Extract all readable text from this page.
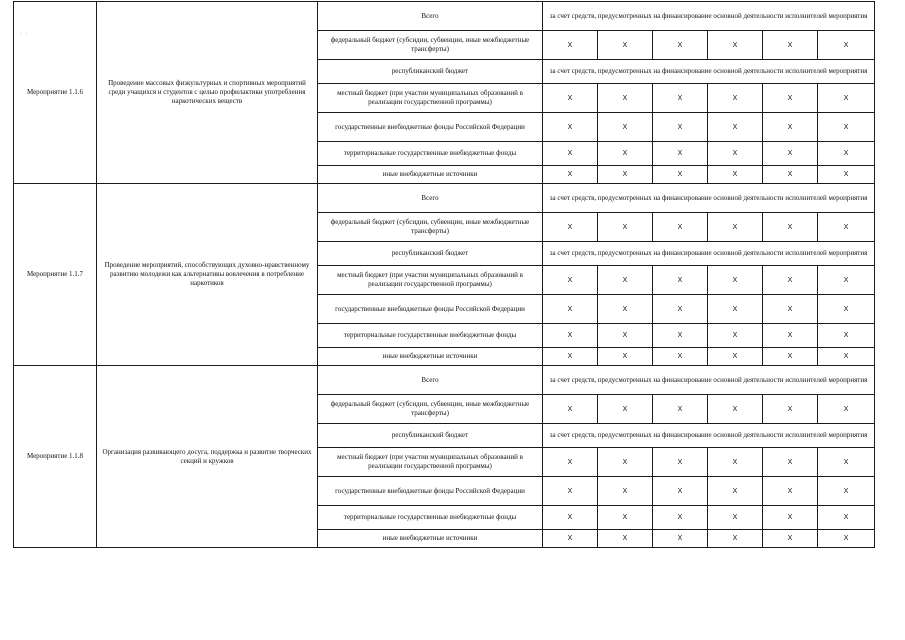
· ·
Мероприятие 1.1.6	Проведение массовых физкультурных и спортивных мероприятий среди учащихся и студентов с целью профилактики употребления наркотических веществ	Всего	за счет средств, предусмотренных на финансирование основной деятельности исполнителей мероприятия					
		федеральный бюджет (субсидии, субвенции, иные межбюджетные трансферты)	X	X	X	X	X	X
		республиканский бюджет	за счет средств, предусмотренных на финансирование основной деятельности исполнителей мероприятия					
		местный бюджет (при участии муниципальных образований в реализации государственной программы)	X	X	X	X	X	X
		государственные внебюджетные фонды Российской Федерации	X	X	X	X	X	X
		территориальные государственные внебюджетные фонды	X	X	X	X	X	X
		иные внебюджетные источники	X	X	X	X	X	X
Мероприятие 1.1.7	Проведение мероприятий, способствующих духовно-нравственному развитию молодежи как альтернативы вовлечения в потребление наркотиков	Всего	за счет средств, предусмотренных на финансирование основной деятельности исполнителей мероприятия					
		федеральный бюджет (субсидии, субвенции, иные межбюджетные трансферты)	X	X	X	X	X	X
		республиканский бюджет	за счет средств, предусмотренных на финансирование основной деятельности исполнителей мероприятия					
		местный бюджет (при участии муниципальных образований в реализации государственной программы)	X	X	X	X	X	X
		государственные внебюджетные фонды Российской Федерации	X	X	X	X	X	X
		территориальные государственные внебюджетные фонды	X	X	X	X	X	X
		иные внебюджетные источники	X	X	X	X	X	X
Мероприятие 1.1.8	Организация развивающего досуга, поддержка и развитие творческих секций и кружков	Всего	за счет средств, предусмотренных на финансирование основной деятельности исполнителей мероприятия					
		федеральный бюджет (субсидии, субвенции, иные межбюджетные трансферты)	X	X	X	X	X	X
		республиканский бюджет	за счет средств, предусмотренных на финансирование основной деятельности исполнителей мероприятия					
		местный бюджет (при участии муниципальных образований в реализации государственной программы)	X	X	X	X	X	X
		государственные внебюджетные фонды Российской Федерации	X	X	X	X	X	X
		территориальные государственные внебюджетные фонды	X	X	X	X	X	X
		иные внебюджетные источники	X	X	X	X	X	X
